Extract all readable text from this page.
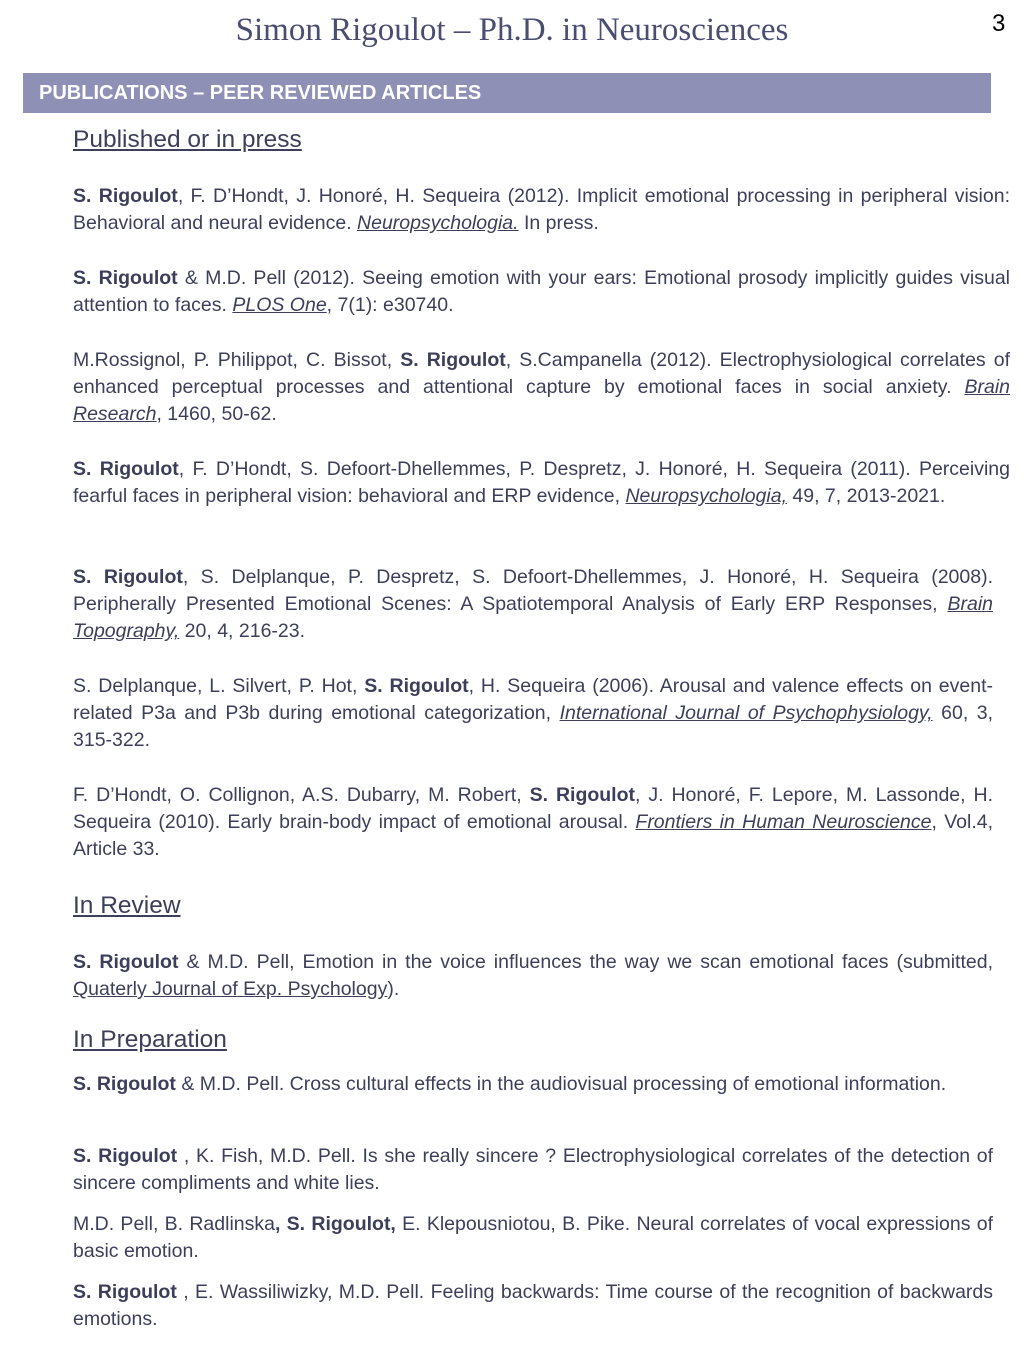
Simon Rigoulot – Ph.D. in Neurosciences	3
PUBLICATIONS – PEER REVIEWED ARTICLES
Published or in press
S. Rigoulot, F. D’Hondt, J. Honoré, H. Sequeira (2012). Implicit emotional processing in peripheral vision: Behavioral and neural evidence. Neuropsychologia. In press.
S. Rigoulot & M.D. Pell (2012). Seeing emotion with your ears: Emotional prosody implicitly guides visual attention to faces. PLOS One, 7(1): e30740.
M.Rossignol, P. Philippot, C. Bissot, S. Rigoulot, S.Campanella (2012). Electrophysiological correlates of enhanced perceptual processes and attentional capture by emotional faces in social anxiety. Brain Research, 1460, 50-62.
S. Rigoulot, F. D’Hondt, S. Defoort-Dhellemmes, P. Despretz, J. Honoré, H. Sequeira (2011). Perceiving fearful faces in peripheral vision: behavioral and ERP evidence, Neuropsychologia, 49, 7, 2013-2021.
S. Rigoulot, S. Delplanque, P. Despretz, S. Defoort-Dhellemmes, J. Honoré, H. Sequeira (2008). Peripherally Presented Emotional Scenes: A Spatiotemporal Analysis of Early ERP Responses, Brain Topography, 20, 4, 216-23.
S. Delplanque, L. Silvert, P. Hot, S. Rigoulot, H. Sequeira (2006). Arousal and valence effects on event-related P3a and P3b during emotional categorization, International Journal of Psychophysiology, 60, 3, 315-322.
F. D’Hondt, O. Collignon, A.S. Dubarry, M. Robert, S. Rigoulot, J. Honoré, F. Lepore, M. Lassonde, H. Sequeira (2010). Early brain-body impact of emotional arousal. Frontiers in Human Neuroscience, Vol.4, Article 33.
In Review
S. Rigoulot & M.D. Pell, Emotion in the voice influences the way we scan emotional faces (submitted, Quaterly Journal of Exp. Psychology).
In Preparation
S. Rigoulot & M.D. Pell. Cross cultural effects in the audiovisual processing of emotional information.
S. Rigoulot , K. Fish, M.D. Pell. Is she really sincere ? Electrophysiological correlates of the detection of sincere compliments and white lies.
M.D. Pell, B. Radlinska, S. Rigoulot, E. Klepousniotou, B. Pike. Neural correlates of vocal expressions of basic emotion.
S. Rigoulot , E. Wassiliwizky, M.D. Pell. Feeling backwards: Time course of the recognition of backwards emotions.
